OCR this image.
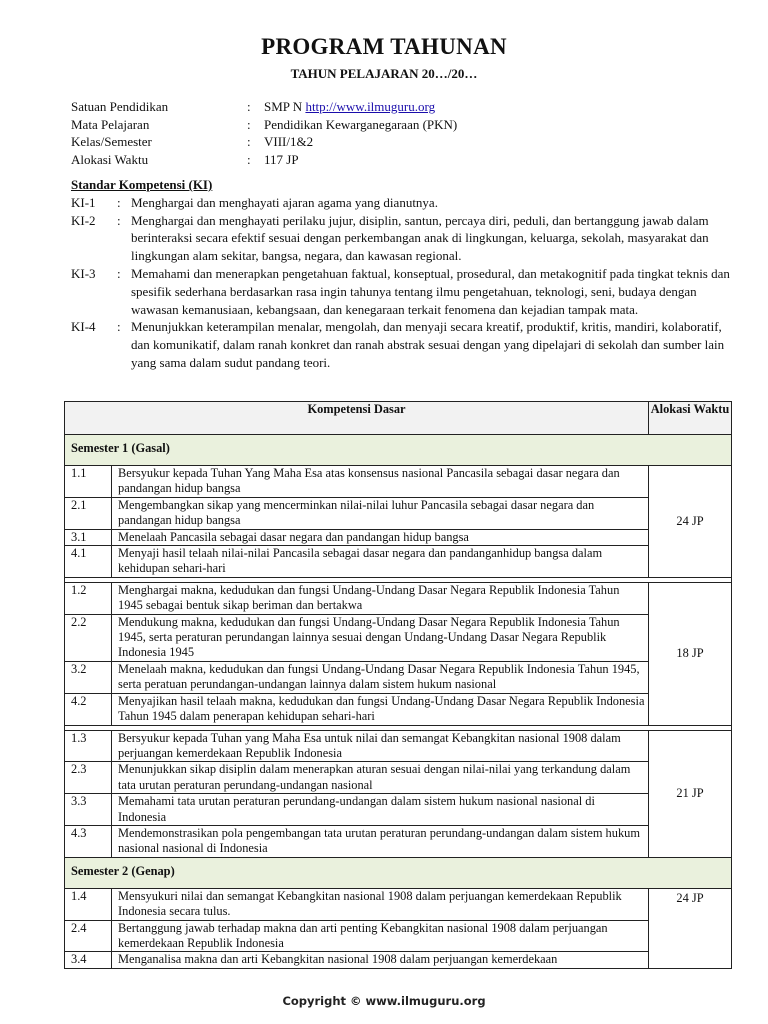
PROGRAM TAHUNAN
TAHUN PELAJARAN 20…/20…
Satuan Pendidikan	:	SMP N http://www.ilmuguru.org
Mata Pelajaran	:	Pendidikan Kewarganegaraan (PKN)
Kelas/Semester	:	VIII/1&2
Alokasi Waktu	:	117 JP
Standar Kompetensi (KI)
KI-1	: Menghargai dan menghayati ajaran agama yang dianutnya.
KI-2	: Menghargai dan menghayati perilaku jujur, disiplin, santun, percaya diri, peduli, dan bertanggung jawab dalam berinteraksi secara efektif sesuai dengan perkembangan anak di lingkungan, keluarga, sekolah, masyarakat dan lingkungan alam sekitar, bangsa, negara, dan kawasan regional.
KI-3	: Memahami dan menerapkan pengetahuan faktual, konseptual, prosedural, dan metakognitif pada tingkat teknis dan spesifik sederhana berdasarkan rasa ingin tahunya tentang ilmu pengetahuan, teknologi, seni, budaya dengan wawasan kemanusiaan, kebangsaan, dan kenegaraan terkait fenomena dan kejadian tampak mata.
KI-4	: Menunjukkan keterampilan menalar, mengolah, dan menyaji secara kreatif, produktif, kritis, mandiri, kolaboratif, dan komunikatif, dalam ranah konkret dan ranah abstrak sesuai dengan yang dipelajari di sekolah dan sumber lain yang sama dalam sudut pandang teori.
Kompetensi Dasar	Alokasi Waktu
Semester 1 (Gasal)

1.1	Bersyukur kepada Tuhan Yang Maha Esa atas konsensus nasional Pancasila sebagai dasar negara dan pandangan hidup bangsa
2.1	Mengembangkan sikap yang mencerminkan nilai-nilai luhur Pancasila sebagai dasar negara dan pandangan hidup bangsa
3.1	Menelaah Pancasila sebagai dasar negara dan pandangan hidup bangsa
4.1	Menyaji hasil telaah nilai-nilai Pancasila sebagai dasar negara dan pandanganhidup bangsa dalam kehidupan sehari-hari
	24 JP

1.2	Menghargai makna, kedudukan dan fungsi Undang-Undang Dasar Negara Republik Indonesia Tahun 1945 sebagai bentuk sikap beriman dan bertakwa
2.2	Mendukung makna, kedudukan dan fungsi Undang-Undang Dasar Negara Republik Indonesia Tahun 1945, serta peraturan perundangan lainnya sesuai dengan Undang-Undang Dasar Negara Republik Indonesia 1945
3.2	Menelaah makna, kedudukan dan fungsi Undang-Undang Dasar Negara Republik Indonesia Tahun 1945, serta peratuan perundangan-undangan lainnya dalam sistem hukum nasional
4.2	Menyajikan hasil telaah makna, kedudukan dan fungsi Undang-Undang Dasar Negara Republik Indonesia Tahun 1945 dalam penerapan kehidupan sehari-hari
	18 JP

1.3	Bersyukur kepada Tuhan yang Maha Esa untuk nilai dan semangat Kebangkitan nasional 1908 dalam perjuangan kemerdekaan Republik Indonesia
2.3	Menunjukkan sikap disiplin dalam menerapkan aturan sesuai dengan nilai-nilai yang terkandung dalam tata urutan peraturan perundang-undangan nasional
3.3	Memahami tata urutan peraturan perundang-undangan dalam sistem hukum nasional nasional di Indonesia
4.3	Mendemonstrasikan pola pengembangan tata urutan peraturan perundang-undangan dalam sistem hukum nasional nasional di Indonesia
	21 JP
Semester 2 (Genap)

1.4	Mensyukuri nilai dan semangat Kebangkitan nasional 1908 dalam perjuangan kemerdekaan Republik Indonesia secara tulus.
2.4	Bertanggung jawab terhadap makna dan arti penting Kebangkitan nasional 1908 dalam perjuangan kemerdekaan Republik Indonesia
3.4	Menganalisa makna dan arti Kebangkitan nasional 1908 dalam perjuangan kemerdekaan
	24 JP
Copyright © www.ilmuguru.org
